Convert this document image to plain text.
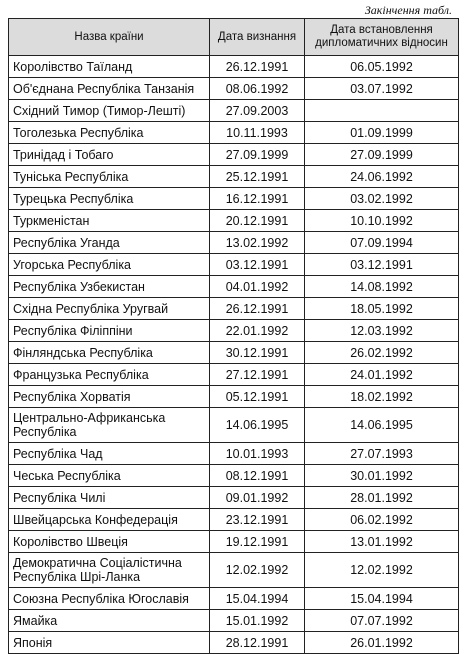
Закінчення табл.
Назва країни	Дата визнання	Дата встановлення дипломатичних відносин
Королівство Таїланд	26.12.1991	06.05.1992
Об'єднана Республіка Танзанія	08.06.1992	03.07.1992
Східний Тимор (Тимор-Лешті)	27.09.2003	
Тоголезька Республіка	10.11.1993	01.09.1999
Тринідад і Тобаго	27.09.1999	27.09.1999
Туніська Республіка	25.12.1991	24.06.1992
Турецька Республіка	16.12.1991	03.02.1992
Туркменістан	20.12.1991	10.10.1992
Республіка Уганда	13.02.1992	07.09.1994
Угорська Республіка	03.12.1991	03.12.1991
Республіка Узбекистан	04.01.1992	14.08.1992
Східна Республіка Уругвай	26.12.1991	18.05.1992
Республіка Філіппіни	22.01.1992	12.03.1992
Фінляндська Республіка	30.12.1991	26.02.1992
Французька Республіка	27.12.1991	24.01.1992
Республіка Хорватія	05.12.1991	18.02.1992
Центрально-Африканська Республіка	14.06.1995	14.06.1995
Республіка Чад	10.01.1993	27.07.1993
Чеська Республіка	08.12.1991	30.01.1992
Республіка Чилі	09.01.1992	28.01.1992
Швейцарська Конфедерація	23.12.1991	06.02.1992
Королівство Швеція	19.12.1991	13.01.1992
Демократична Соціалістична Республіка Шрі-Ланка	12.02.1992	12.02.1992
Союзна Республіка Югославія	15.04.1994	15.04.1994
Ямайка	15.01.1992	07.07.1992
Японія	28.12.1991	26.01.1992
